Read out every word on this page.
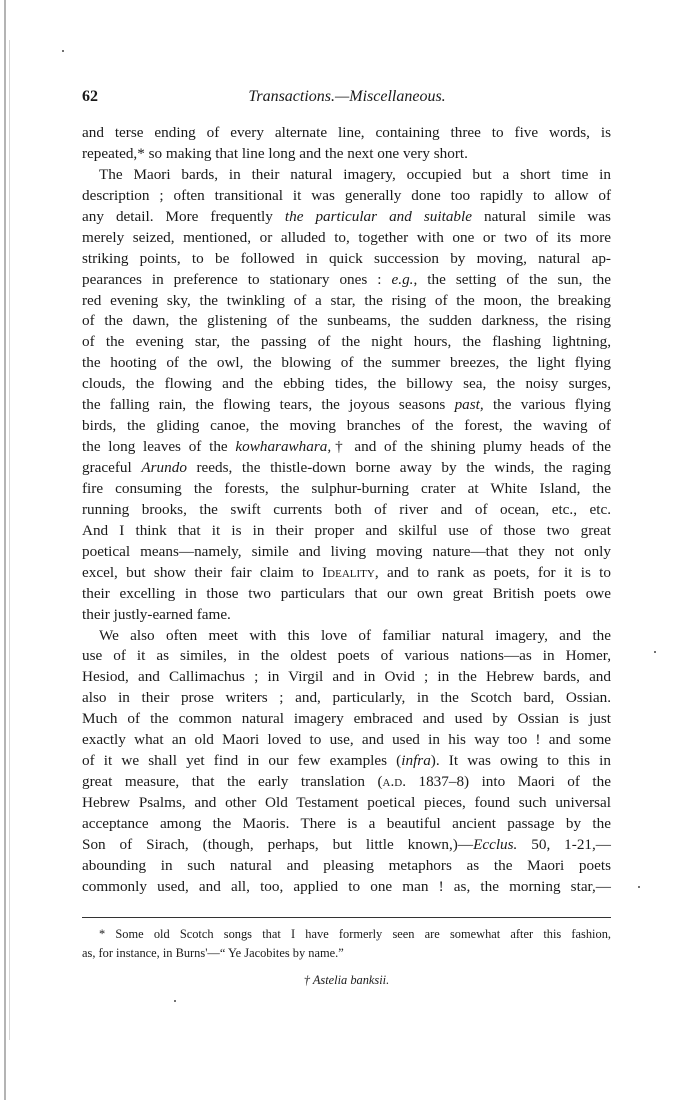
62	Transactions.—Miscellaneous.
and terse ending of every alternate line, containing three to five words, is
repeated,* so making that line long and the next one very short.
The Maori bards, in their natural imagery, occupied but a short time in
description ; often transitional it was generally done too rapidly to allow of
any detail. More frequently the particular and suitable natural simile was
merely seized, mentioned, or alluded to, together with one or two of its more
striking points, to be followed in quick succession by moving, natural ap-
pearances in preference to stationary ones : e.g., the setting of the sun, the
red evening sky, the twinkling of a star, the rising of the moon, the breaking
of the dawn, the glistening of the sunbeams, the sudden darkness, the rising
of the evening star, the passing of the night hours, the flashing lightning,
the hooting of the owl, the blowing of the summer breezes, the light flying
clouds, the flowing and the ebbing tides, the billowy sea, the noisy surges,
the falling rain, the flowing tears, the joyous seasons past, the various flying
birds, the gliding canoe, the moving branches of the forest, the waving of
the long leaves of the kowharawhara,† and of the shining plumy heads of the
graceful Arundo reeds, the thistle-down borne away by the winds, the raging
fire consuming the forests, the sulphur-burning crater at White Island, the
running brooks, the swift currents both of river and of ocean, etc., etc.
And I think that it is in their proper and skilful use of those two great
poetical means—namely, simile and living moving nature—that they not only
excel, but show their fair claim to Ideality, and to rank as poets, for it is to
their excelling in those two particulars that our own great British poets owe
their justly-earned fame.
We also often meet with this love of familiar natural imagery, and the
use of it as similes, in the oldest poets of various nations—as in Homer,
Hesiod, and Callimachus ; in Virgil and in Ovid ; in the Hebrew bards, and
also in their prose writers ; and, particularly, in the Scotch bard, Ossian.
Much of the common natural imagery embraced and used by Ossian is just
exactly what an old Maori loved to use, and used in his way too ! and some
of it we shall yet find in our few examples (infra). It was owing to this in
great measure, that the early translation (a.d. 1837–8) into Maori of the
Hebrew Psalms, and other Old Testament poetical pieces, found such universal
acceptance among the Maoris. There is a beautiful ancient passage by the
Son of Sirach, (though, perhaps, but little known,)—Ecclus. 50, 1-21,—
abounding in such natural and pleasing metaphors as the Maori poets
commonly used, and all, too, applied to one man ! as, the morning star,—
* Some old Scotch songs that I have formerly seen are somewhat after this fashion,
as, for instance, in Burns'—“ Ye Jacobites by name.”
† Astelia banksii.
